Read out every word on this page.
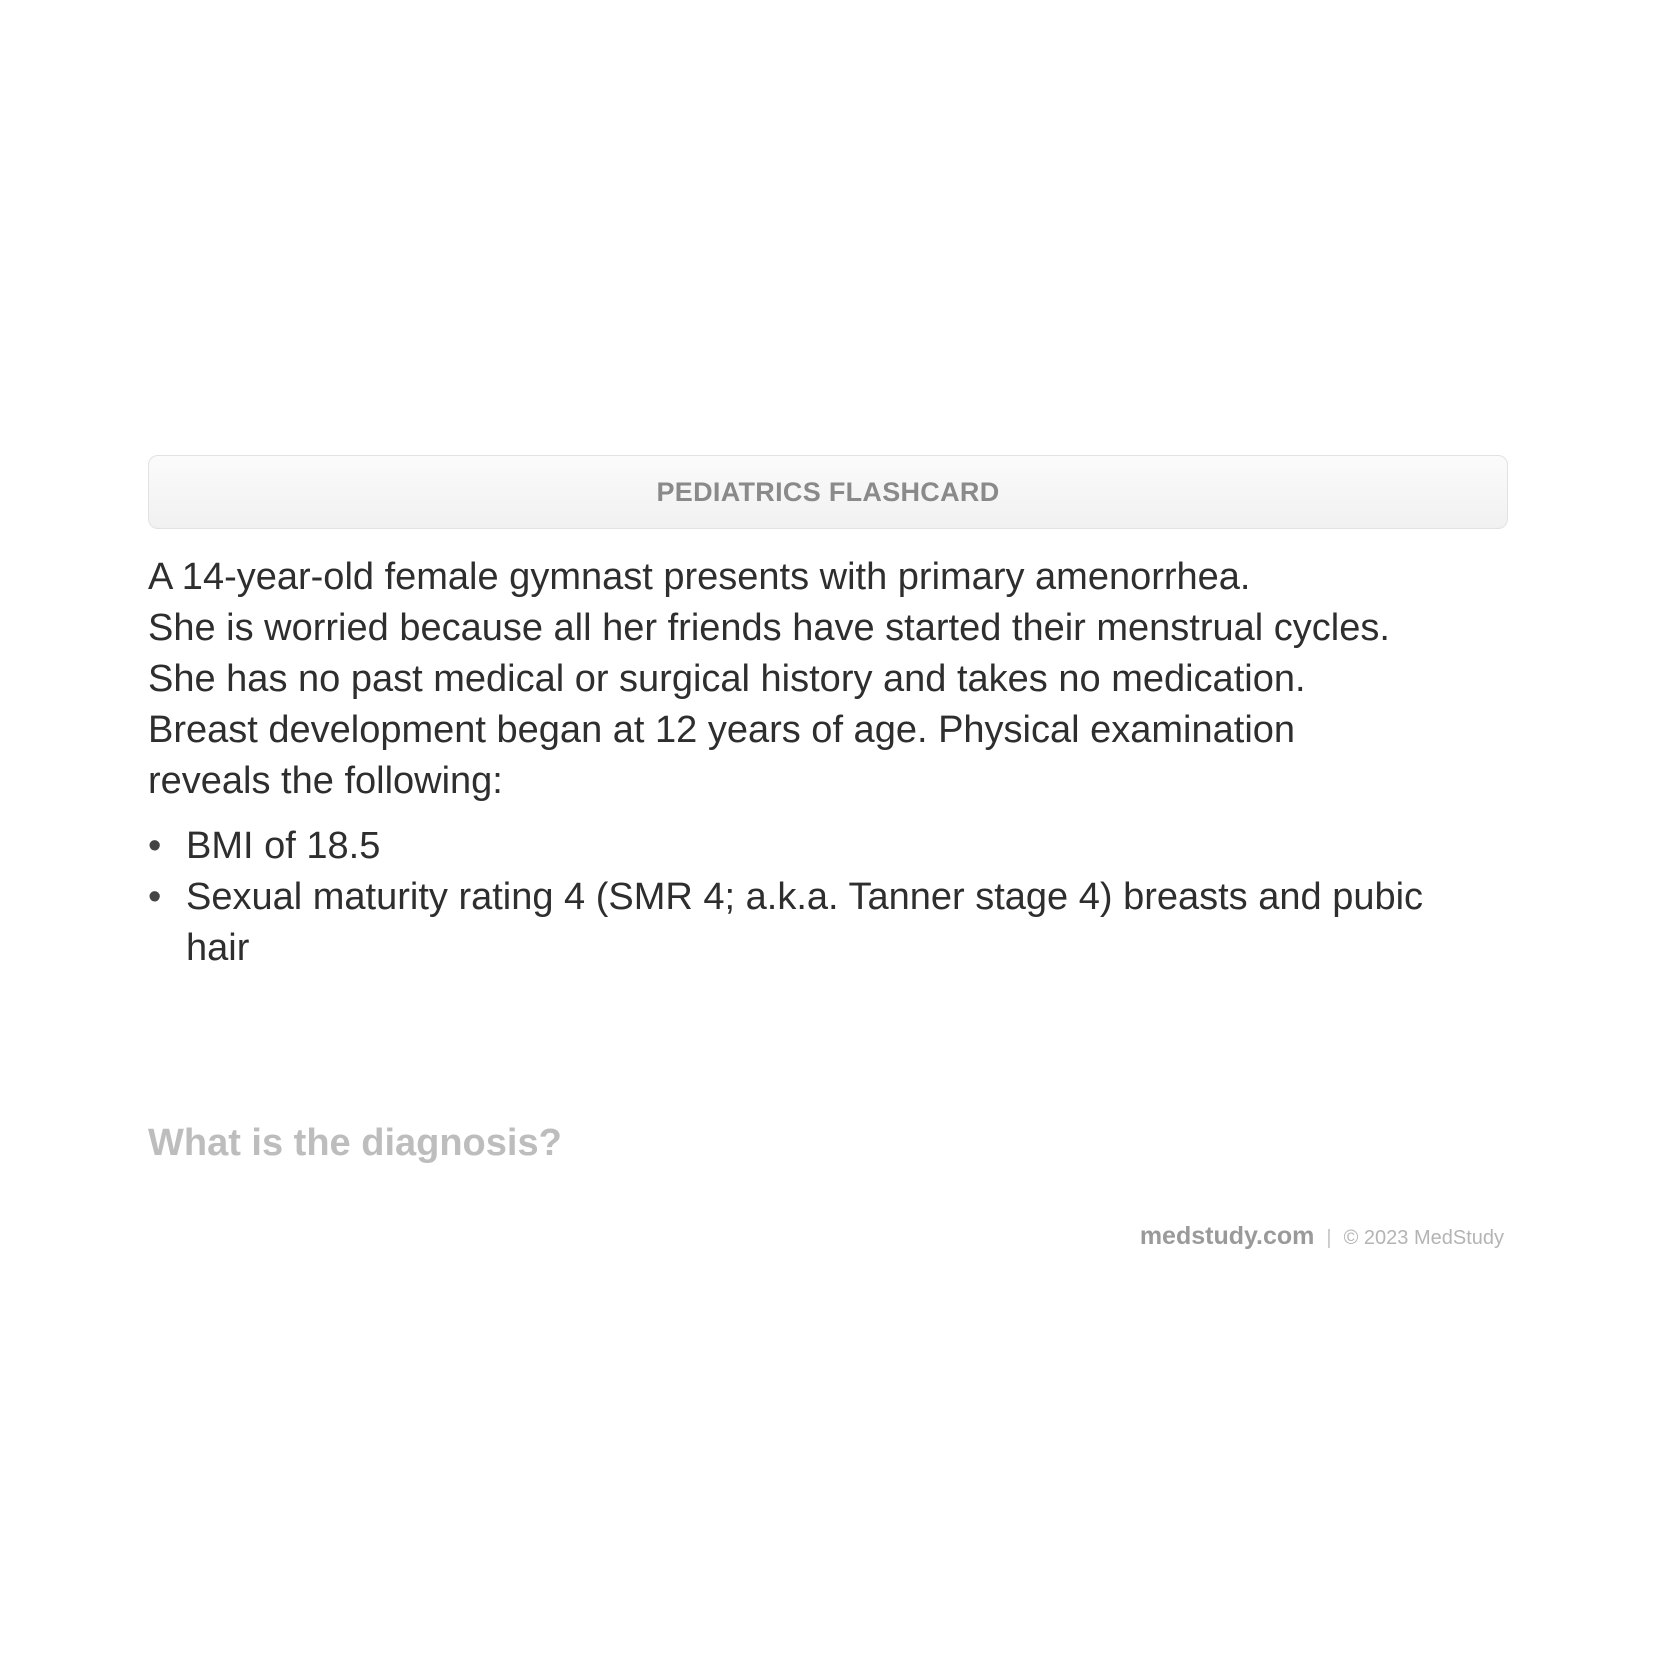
PEDIATRICS FLASHCARD

A 14-year-old female gymnast presents with primary amenorrhea.
She is worried because all her friends have started their menstrual cycles.
She has no past medical or surgical history and takes no medication.
Breast development began at 12 years of age. Physical examination
reveals the following:

• BMI of 18.5
• Sexual maturity rating 4 (SMR 4; a.k.a. Tanner stage 4) breasts and pubic hair
What is the diagnosis?
medstudy.com | © 2023 MedStudy
